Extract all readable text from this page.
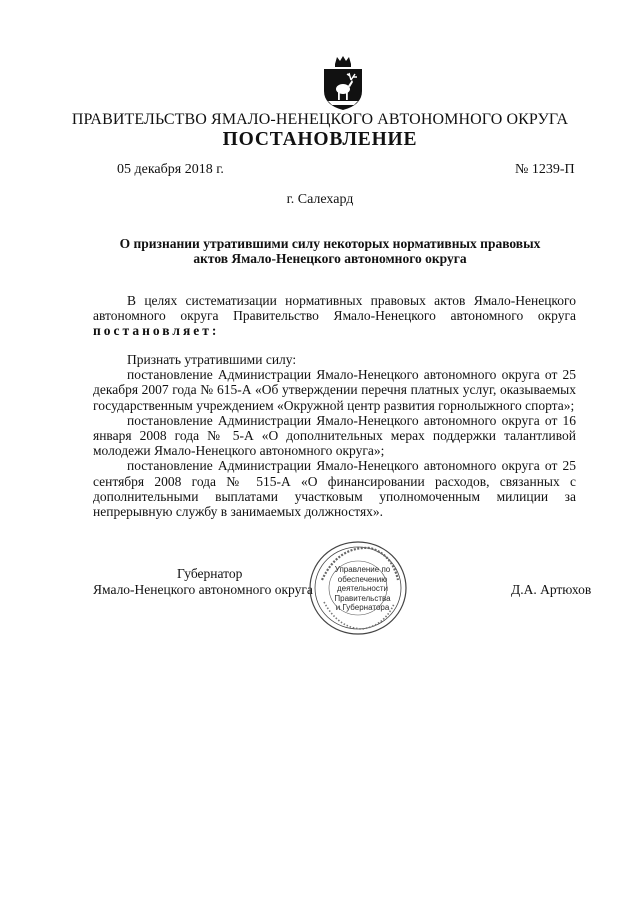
ПРАВИТЕЛЬСТВО ЯМАЛО-НЕНЕЦКОГО АВТОНОМНОГО ОКРУГА
ПОСТАНОВЛЕНИЕ
05 декабря 2018 г.	№ 1239-П
г. Салехард
О признании утратившими силу некоторых нормативных правовых актов Ямало-Ненецкого автономного округа

В целях систематизации нормативных правовых актов Ямало-Ненецкого автономного округа Правительство Ямало-Ненецкого автономного округа постановляет:

Признать утратившими силу:

постановление Администрации Ямало-Ненецкого автономного округа от 25 декабря 2007 года № 615-А «Об утверждении перечня платных услуг, оказываемых государственным учреждением «Окружной центр развития горнолыжного спорта»;

постановление Администрации Ямало-Ненецкого автономного округа от 16 января 2008 года № 5-А «О дополнительных мерах поддержки талантливой молодежи Ямало-Ненецкого автономного округа»;

постановление Администрации Ямало-Ненецкого автономного округа от 25 сентября 2008 года № 515-А «О финансировании расходов, связанных с дополнительными выплатами участковым уполномоченным милиции за непрерывную службу в занимаемых должностях».

Губернатор
Ямало-Ненецкого автономного округа	Д.А. Артюхов
Управление по
обеспечению
деятельности
Правительства
и Губернатора
